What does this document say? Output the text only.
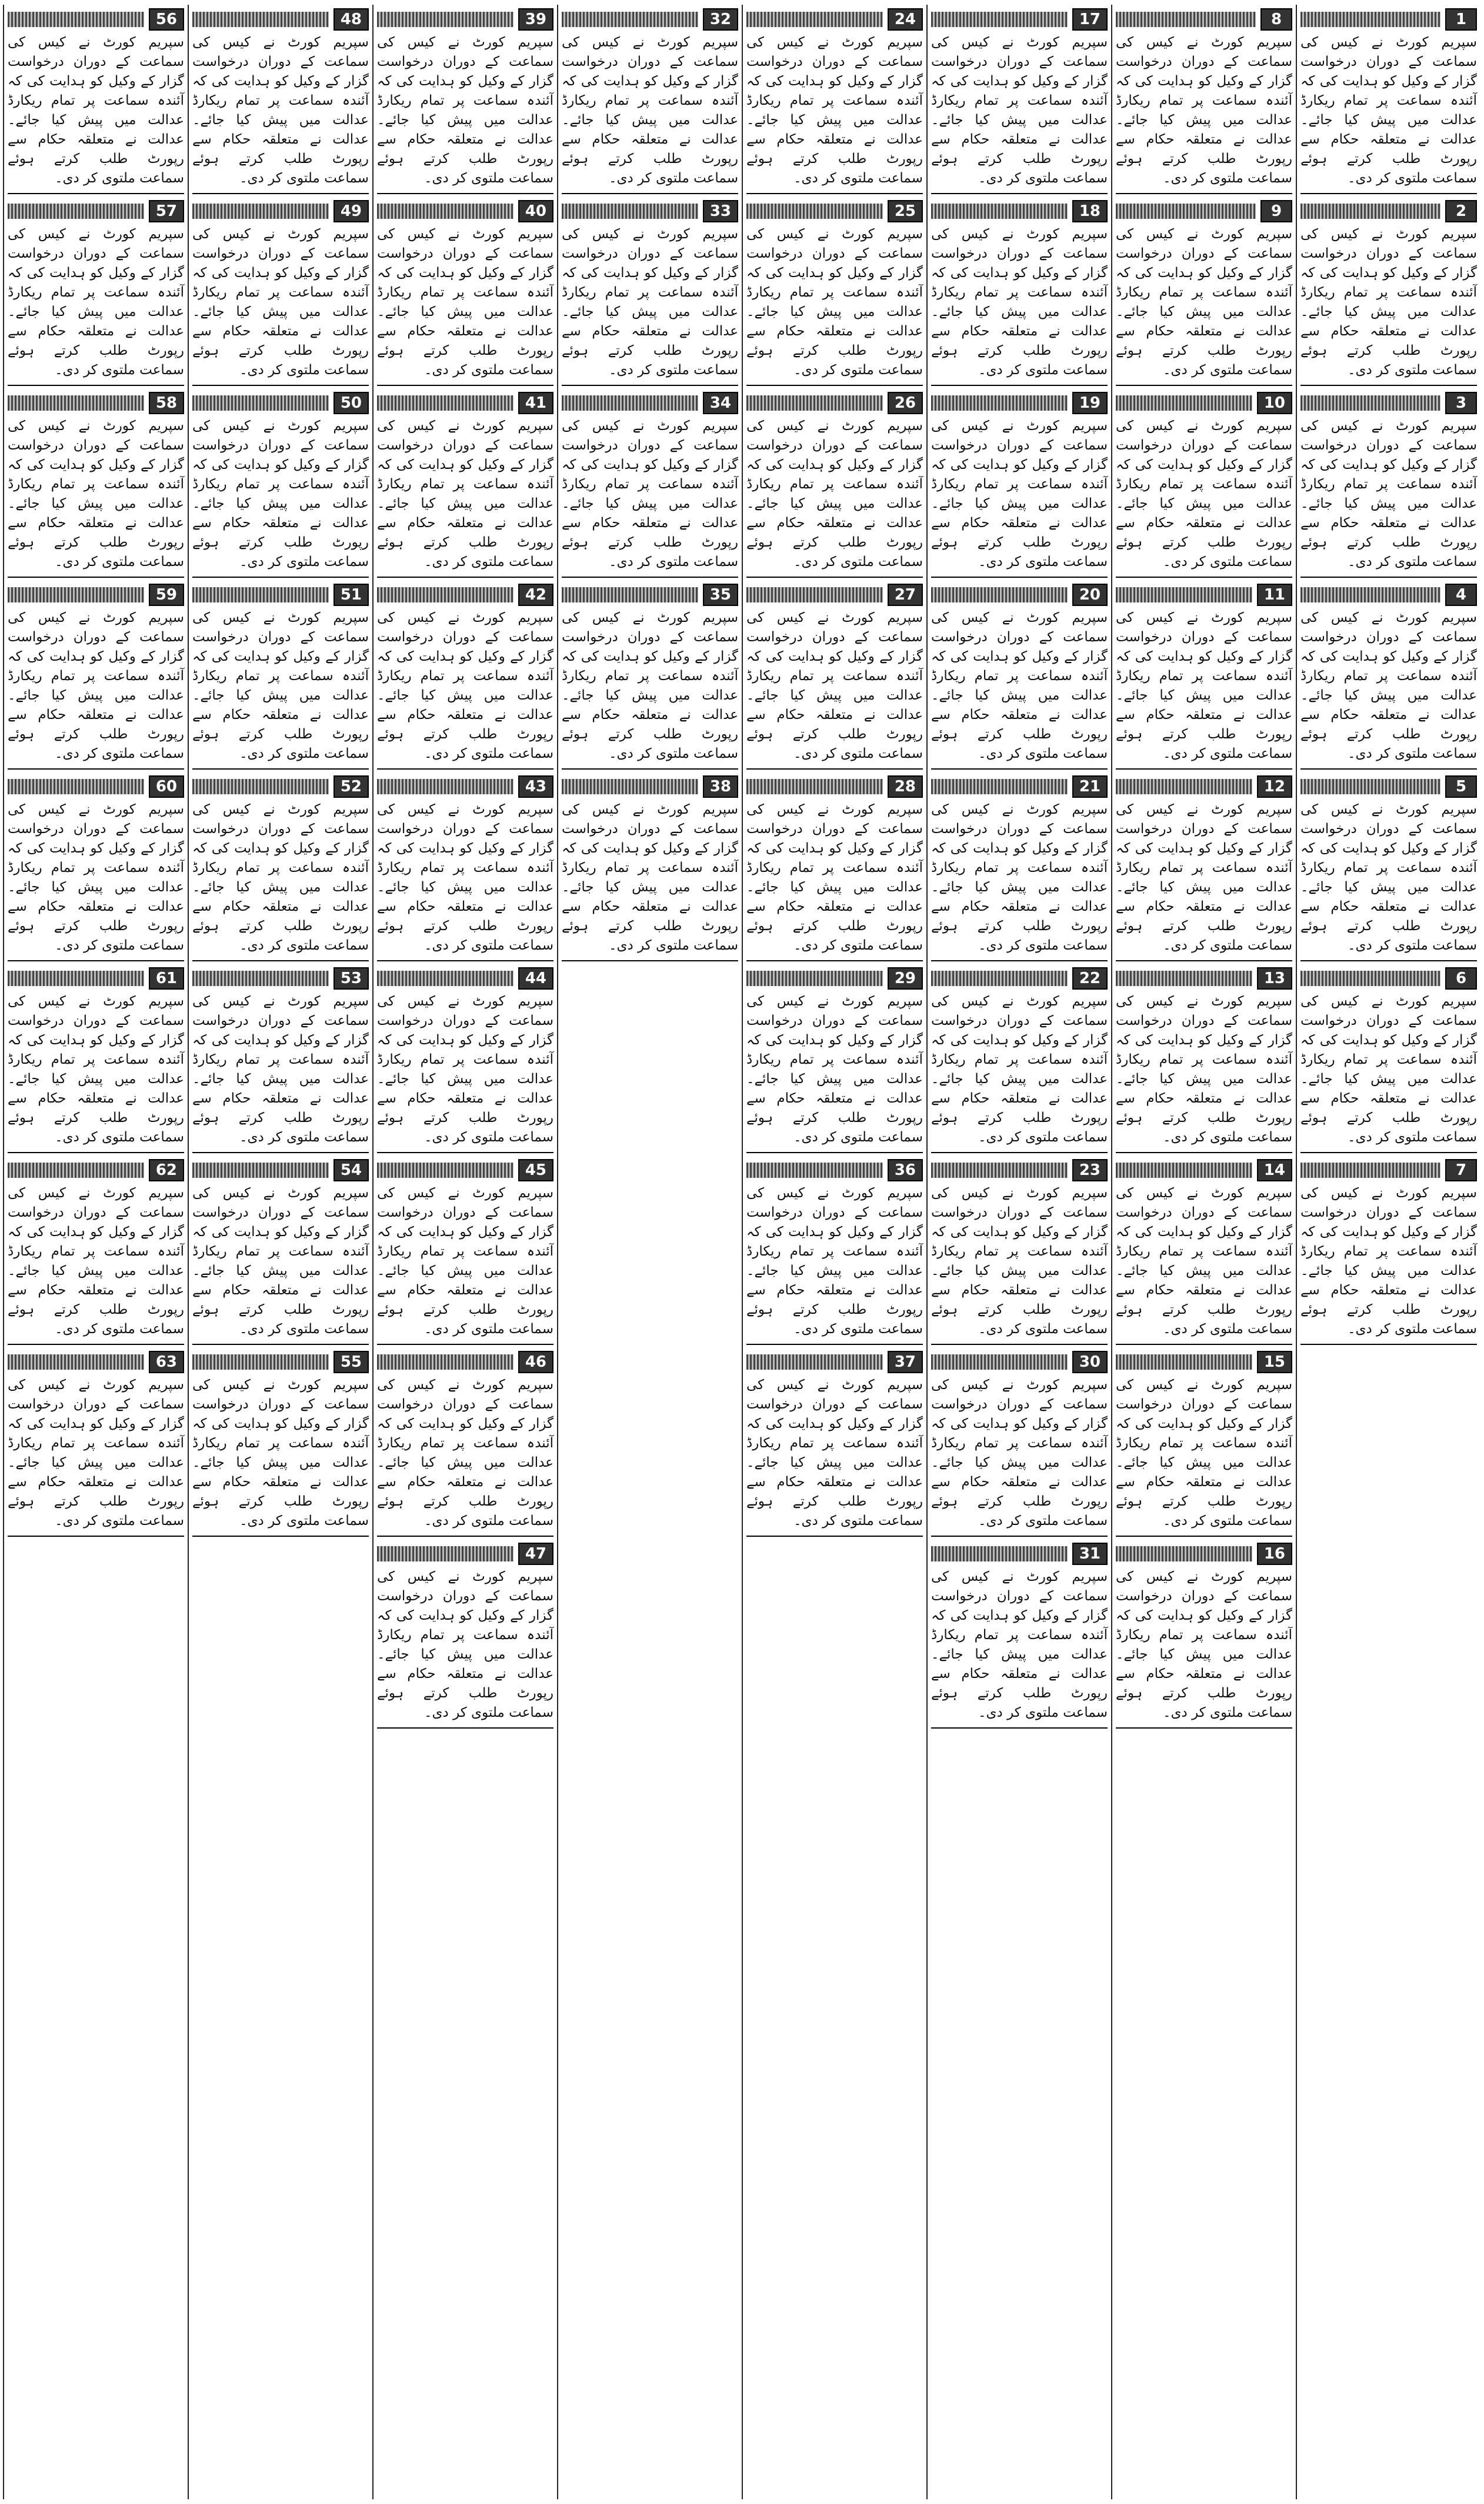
1

سپریم کورٹ نے کیس کی سماعت کے دوران درخواست گزار کے وکیل کو ہدایت کی کہ آئندہ سماعت پر تمام ریکارڈ عدالت میں پیش کیا جائے۔ عدالت نے متعلقہ حکام سے رپورٹ طلب کرتے ہوئے سماعت ملتوی کر دی۔

2

سپریم کورٹ نے کیس کی سماعت کے دوران درخواست گزار کے وکیل کو ہدایت کی کہ آئندہ سماعت پر تمام ریکارڈ عدالت میں پیش کیا جائے۔ عدالت نے متعلقہ حکام سے رپورٹ طلب کرتے ہوئے سماعت ملتوی کر دی۔

3

سپریم کورٹ نے کیس کی سماعت کے دوران درخواست گزار کے وکیل کو ہدایت کی کہ آئندہ سماعت پر تمام ریکارڈ عدالت میں پیش کیا جائے۔ عدالت نے متعلقہ حکام سے رپورٹ طلب کرتے ہوئے سماعت ملتوی کر دی۔

4

سپریم کورٹ نے کیس کی سماعت کے دوران درخواست گزار کے وکیل کو ہدایت کی کہ آئندہ سماعت پر تمام ریکارڈ عدالت میں پیش کیا جائے۔ عدالت نے متعلقہ حکام سے رپورٹ طلب کرتے ہوئے سماعت ملتوی کر دی۔

5

سپریم کورٹ نے کیس کی سماعت کے دوران درخواست گزار کے وکیل کو ہدایت کی کہ آئندہ سماعت پر تمام ریکارڈ عدالت میں پیش کیا جائے۔ عدالت نے متعلقہ حکام سے رپورٹ طلب کرتے ہوئے سماعت ملتوی کر دی۔

6

سپریم کورٹ نے کیس کی سماعت کے دوران درخواست گزار کے وکیل کو ہدایت کی کہ آئندہ سماعت پر تمام ریکارڈ عدالت میں پیش کیا جائے۔ عدالت نے متعلقہ حکام سے رپورٹ طلب کرتے ہوئے سماعت ملتوی کر دی۔

7

سپریم کورٹ نے کیس کی سماعت کے دوران درخواست گزار کے وکیل کو ہدایت کی کہ آئندہ سماعت پر تمام ریکارڈ عدالت میں پیش کیا جائے۔ عدالت نے متعلقہ حکام سے رپورٹ طلب کرتے ہوئے سماعت ملتوی کر دی۔

8

سپریم کورٹ نے کیس کی سماعت کے دوران درخواست گزار کے وکیل کو ہدایت کی کہ آئندہ سماعت پر تمام ریکارڈ عدالت میں پیش کیا جائے۔ عدالت نے متعلقہ حکام سے رپورٹ طلب کرتے ہوئے سماعت ملتوی کر دی۔

9

سپریم کورٹ نے کیس کی سماعت کے دوران درخواست گزار کے وکیل کو ہدایت کی کہ آئندہ سماعت پر تمام ریکارڈ عدالت میں پیش کیا جائے۔ عدالت نے متعلقہ حکام سے رپورٹ طلب کرتے ہوئے سماعت ملتوی کر دی۔

10

سپریم کورٹ نے کیس کی سماعت کے دوران درخواست گزار کے وکیل کو ہدایت کی کہ آئندہ سماعت پر تمام ریکارڈ عدالت میں پیش کیا جائے۔ عدالت نے متعلقہ حکام سے رپورٹ طلب کرتے ہوئے سماعت ملتوی کر دی۔

11

سپریم کورٹ نے کیس کی سماعت کے دوران درخواست گزار کے وکیل کو ہدایت کی کہ آئندہ سماعت پر تمام ریکارڈ عدالت میں پیش کیا جائے۔ عدالت نے متعلقہ حکام سے رپورٹ طلب کرتے ہوئے سماعت ملتوی کر دی۔

12

سپریم کورٹ نے کیس کی سماعت کے دوران درخواست گزار کے وکیل کو ہدایت کی کہ آئندہ سماعت پر تمام ریکارڈ عدالت میں پیش کیا جائے۔ عدالت نے متعلقہ حکام سے رپورٹ طلب کرتے ہوئے سماعت ملتوی کر دی۔

13

سپریم کورٹ نے کیس کی سماعت کے دوران درخواست گزار کے وکیل کو ہدایت کی کہ آئندہ سماعت پر تمام ریکارڈ عدالت میں پیش کیا جائے۔ عدالت نے متعلقہ حکام سے رپورٹ طلب کرتے ہوئے سماعت ملتوی کر دی۔

14

سپریم کورٹ نے کیس کی سماعت کے دوران درخواست گزار کے وکیل کو ہدایت کی کہ آئندہ سماعت پر تمام ریکارڈ عدالت میں پیش کیا جائے۔ عدالت نے متعلقہ حکام سے رپورٹ طلب کرتے ہوئے سماعت ملتوی کر دی۔

15

سپریم کورٹ نے کیس کی سماعت کے دوران درخواست گزار کے وکیل کو ہدایت کی کہ آئندہ سماعت پر تمام ریکارڈ عدالت میں پیش کیا جائے۔ عدالت نے متعلقہ حکام سے رپورٹ طلب کرتے ہوئے سماعت ملتوی کر دی۔

16

سپریم کورٹ نے کیس کی سماعت کے دوران درخواست گزار کے وکیل کو ہدایت کی کہ آئندہ سماعت پر تمام ریکارڈ عدالت میں پیش کیا جائے۔ عدالت نے متعلقہ حکام سے رپورٹ طلب کرتے ہوئے سماعت ملتوی کر دی۔

17

سپریم کورٹ نے کیس کی سماعت کے دوران درخواست گزار کے وکیل کو ہدایت کی کہ آئندہ سماعت پر تمام ریکارڈ عدالت میں پیش کیا جائے۔ عدالت نے متعلقہ حکام سے رپورٹ طلب کرتے ہوئے سماعت ملتوی کر دی۔

18

سپریم کورٹ نے کیس کی سماعت کے دوران درخواست گزار کے وکیل کو ہدایت کی کہ آئندہ سماعت پر تمام ریکارڈ عدالت میں پیش کیا جائے۔ عدالت نے متعلقہ حکام سے رپورٹ طلب کرتے ہوئے سماعت ملتوی کر دی۔

19

سپریم کورٹ نے کیس کی سماعت کے دوران درخواست گزار کے وکیل کو ہدایت کی کہ آئندہ سماعت پر تمام ریکارڈ عدالت میں پیش کیا جائے۔ عدالت نے متعلقہ حکام سے رپورٹ طلب کرتے ہوئے سماعت ملتوی کر دی۔

20

سپریم کورٹ نے کیس کی سماعت کے دوران درخواست گزار کے وکیل کو ہدایت کی کہ آئندہ سماعت پر تمام ریکارڈ عدالت میں پیش کیا جائے۔ عدالت نے متعلقہ حکام سے رپورٹ طلب کرتے ہوئے سماعت ملتوی کر دی۔

21

سپریم کورٹ نے کیس کی سماعت کے دوران درخواست گزار کے وکیل کو ہدایت کی کہ آئندہ سماعت پر تمام ریکارڈ عدالت میں پیش کیا جائے۔ عدالت نے متعلقہ حکام سے رپورٹ طلب کرتے ہوئے سماعت ملتوی کر دی۔

22

سپریم کورٹ نے کیس کی سماعت کے دوران درخواست گزار کے وکیل کو ہدایت کی کہ آئندہ سماعت پر تمام ریکارڈ عدالت میں پیش کیا جائے۔ عدالت نے متعلقہ حکام سے رپورٹ طلب کرتے ہوئے سماعت ملتوی کر دی۔

23

سپریم کورٹ نے کیس کی سماعت کے دوران درخواست گزار کے وکیل کو ہدایت کی کہ آئندہ سماعت پر تمام ریکارڈ عدالت میں پیش کیا جائے۔ عدالت نے متعلقہ حکام سے رپورٹ طلب کرتے ہوئے سماعت ملتوی کر دی۔

30

سپریم کورٹ نے کیس کی سماعت کے دوران درخواست گزار کے وکیل کو ہدایت کی کہ آئندہ سماعت پر تمام ریکارڈ عدالت میں پیش کیا جائے۔ عدالت نے متعلقہ حکام سے رپورٹ طلب کرتے ہوئے سماعت ملتوی کر دی۔

31

سپریم کورٹ نے کیس کی سماعت کے دوران درخواست گزار کے وکیل کو ہدایت کی کہ آئندہ سماعت پر تمام ریکارڈ عدالت میں پیش کیا جائے۔ عدالت نے متعلقہ حکام سے رپورٹ طلب کرتے ہوئے سماعت ملتوی کر دی۔

24

سپریم کورٹ نے کیس کی سماعت کے دوران درخواست گزار کے وکیل کو ہدایت کی کہ آئندہ سماعت پر تمام ریکارڈ عدالت میں پیش کیا جائے۔ عدالت نے متعلقہ حکام سے رپورٹ طلب کرتے ہوئے سماعت ملتوی کر دی۔

25

سپریم کورٹ نے کیس کی سماعت کے دوران درخواست گزار کے وکیل کو ہدایت کی کہ آئندہ سماعت پر تمام ریکارڈ عدالت میں پیش کیا جائے۔ عدالت نے متعلقہ حکام سے رپورٹ طلب کرتے ہوئے سماعت ملتوی کر دی۔

26

سپریم کورٹ نے کیس کی سماعت کے دوران درخواست گزار کے وکیل کو ہدایت کی کہ آئندہ سماعت پر تمام ریکارڈ عدالت میں پیش کیا جائے۔ عدالت نے متعلقہ حکام سے رپورٹ طلب کرتے ہوئے سماعت ملتوی کر دی۔

27

سپریم کورٹ نے کیس کی سماعت کے دوران درخواست گزار کے وکیل کو ہدایت کی کہ آئندہ سماعت پر تمام ریکارڈ عدالت میں پیش کیا جائے۔ عدالت نے متعلقہ حکام سے رپورٹ طلب کرتے ہوئے سماعت ملتوی کر دی۔

28

سپریم کورٹ نے کیس کی سماعت کے دوران درخواست گزار کے وکیل کو ہدایت کی کہ آئندہ سماعت پر تمام ریکارڈ عدالت میں پیش کیا جائے۔ عدالت نے متعلقہ حکام سے رپورٹ طلب کرتے ہوئے سماعت ملتوی کر دی۔

29

سپریم کورٹ نے کیس کی سماعت کے دوران درخواست گزار کے وکیل کو ہدایت کی کہ آئندہ سماعت پر تمام ریکارڈ عدالت میں پیش کیا جائے۔ عدالت نے متعلقہ حکام سے رپورٹ طلب کرتے ہوئے سماعت ملتوی کر دی۔

36

سپریم کورٹ نے کیس کی سماعت کے دوران درخواست گزار کے وکیل کو ہدایت کی کہ آئندہ سماعت پر تمام ریکارڈ عدالت میں پیش کیا جائے۔ عدالت نے متعلقہ حکام سے رپورٹ طلب کرتے ہوئے سماعت ملتوی کر دی۔

37

سپریم کورٹ نے کیس کی سماعت کے دوران درخواست گزار کے وکیل کو ہدایت کی کہ آئندہ سماعت پر تمام ریکارڈ عدالت میں پیش کیا جائے۔ عدالت نے متعلقہ حکام سے رپورٹ طلب کرتے ہوئے سماعت ملتوی کر دی۔

32

سپریم کورٹ نے کیس کی سماعت کے دوران درخواست گزار کے وکیل کو ہدایت کی کہ آئندہ سماعت پر تمام ریکارڈ عدالت میں پیش کیا جائے۔ عدالت نے متعلقہ حکام سے رپورٹ طلب کرتے ہوئے سماعت ملتوی کر دی۔

33

سپریم کورٹ نے کیس کی سماعت کے دوران درخواست گزار کے وکیل کو ہدایت کی کہ آئندہ سماعت پر تمام ریکارڈ عدالت میں پیش کیا جائے۔ عدالت نے متعلقہ حکام سے رپورٹ طلب کرتے ہوئے سماعت ملتوی کر دی۔

34

سپریم کورٹ نے کیس کی سماعت کے دوران درخواست گزار کے وکیل کو ہدایت کی کہ آئندہ سماعت پر تمام ریکارڈ عدالت میں پیش کیا جائے۔ عدالت نے متعلقہ حکام سے رپورٹ طلب کرتے ہوئے سماعت ملتوی کر دی۔

35

سپریم کورٹ نے کیس کی سماعت کے دوران درخواست گزار کے وکیل کو ہدایت کی کہ آئندہ سماعت پر تمام ریکارڈ عدالت میں پیش کیا جائے۔ عدالت نے متعلقہ حکام سے رپورٹ طلب کرتے ہوئے سماعت ملتوی کر دی۔

38

سپریم کورٹ نے کیس کی سماعت کے دوران درخواست گزار کے وکیل کو ہدایت کی کہ آئندہ سماعت پر تمام ریکارڈ عدالت میں پیش کیا جائے۔ عدالت نے متعلقہ حکام سے رپورٹ طلب کرتے ہوئے سماعت ملتوی کر دی۔

39

سپریم کورٹ نے کیس کی سماعت کے دوران درخواست گزار کے وکیل کو ہدایت کی کہ آئندہ سماعت پر تمام ریکارڈ عدالت میں پیش کیا جائے۔ عدالت نے متعلقہ حکام سے رپورٹ طلب کرتے ہوئے سماعت ملتوی کر دی۔

40

سپریم کورٹ نے کیس کی سماعت کے دوران درخواست گزار کے وکیل کو ہدایت کی کہ آئندہ سماعت پر تمام ریکارڈ عدالت میں پیش کیا جائے۔ عدالت نے متعلقہ حکام سے رپورٹ طلب کرتے ہوئے سماعت ملتوی کر دی۔

41

سپریم کورٹ نے کیس کی سماعت کے دوران درخواست گزار کے وکیل کو ہدایت کی کہ آئندہ سماعت پر تمام ریکارڈ عدالت میں پیش کیا جائے۔ عدالت نے متعلقہ حکام سے رپورٹ طلب کرتے ہوئے سماعت ملتوی کر دی۔

42

سپریم کورٹ نے کیس کی سماعت کے دوران درخواست گزار کے وکیل کو ہدایت کی کہ آئندہ سماعت پر تمام ریکارڈ عدالت میں پیش کیا جائے۔ عدالت نے متعلقہ حکام سے رپورٹ طلب کرتے ہوئے سماعت ملتوی کر دی۔

43

سپریم کورٹ نے کیس کی سماعت کے دوران درخواست گزار کے وکیل کو ہدایت کی کہ آئندہ سماعت پر تمام ریکارڈ عدالت میں پیش کیا جائے۔ عدالت نے متعلقہ حکام سے رپورٹ طلب کرتے ہوئے سماعت ملتوی کر دی۔

44

سپریم کورٹ نے کیس کی سماعت کے دوران درخواست گزار کے وکیل کو ہدایت کی کہ آئندہ سماعت پر تمام ریکارڈ عدالت میں پیش کیا جائے۔ عدالت نے متعلقہ حکام سے رپورٹ طلب کرتے ہوئے سماعت ملتوی کر دی۔

45

سپریم کورٹ نے کیس کی سماعت کے دوران درخواست گزار کے وکیل کو ہدایت کی کہ آئندہ سماعت پر تمام ریکارڈ عدالت میں پیش کیا جائے۔ عدالت نے متعلقہ حکام سے رپورٹ طلب کرتے ہوئے سماعت ملتوی کر دی۔

46

سپریم کورٹ نے کیس کی سماعت کے دوران درخواست گزار کے وکیل کو ہدایت کی کہ آئندہ سماعت پر تمام ریکارڈ عدالت میں پیش کیا جائے۔ عدالت نے متعلقہ حکام سے رپورٹ طلب کرتے ہوئے سماعت ملتوی کر دی۔

47

سپریم کورٹ نے کیس کی سماعت کے دوران درخواست گزار کے وکیل کو ہدایت کی کہ آئندہ سماعت پر تمام ریکارڈ عدالت میں پیش کیا جائے۔ عدالت نے متعلقہ حکام سے رپورٹ طلب کرتے ہوئے سماعت ملتوی کر دی۔

48

سپریم کورٹ نے کیس کی سماعت کے دوران درخواست گزار کے وکیل کو ہدایت کی کہ آئندہ سماعت پر تمام ریکارڈ عدالت میں پیش کیا جائے۔ عدالت نے متعلقہ حکام سے رپورٹ طلب کرتے ہوئے سماعت ملتوی کر دی۔

49

سپریم کورٹ نے کیس کی سماعت کے دوران درخواست گزار کے وکیل کو ہدایت کی کہ آئندہ سماعت پر تمام ریکارڈ عدالت میں پیش کیا جائے۔ عدالت نے متعلقہ حکام سے رپورٹ طلب کرتے ہوئے سماعت ملتوی کر دی۔

50

سپریم کورٹ نے کیس کی سماعت کے دوران درخواست گزار کے وکیل کو ہدایت کی کہ آئندہ سماعت پر تمام ریکارڈ عدالت میں پیش کیا جائے۔ عدالت نے متعلقہ حکام سے رپورٹ طلب کرتے ہوئے سماعت ملتوی کر دی۔

51

سپریم کورٹ نے کیس کی سماعت کے دوران درخواست گزار کے وکیل کو ہدایت کی کہ آئندہ سماعت پر تمام ریکارڈ عدالت میں پیش کیا جائے۔ عدالت نے متعلقہ حکام سے رپورٹ طلب کرتے ہوئے سماعت ملتوی کر دی۔

52

سپریم کورٹ نے کیس کی سماعت کے دوران درخواست گزار کے وکیل کو ہدایت کی کہ آئندہ سماعت پر تمام ریکارڈ عدالت میں پیش کیا جائے۔ عدالت نے متعلقہ حکام سے رپورٹ طلب کرتے ہوئے سماعت ملتوی کر دی۔

53

سپریم کورٹ نے کیس کی سماعت کے دوران درخواست گزار کے وکیل کو ہدایت کی کہ آئندہ سماعت پر تمام ریکارڈ عدالت میں پیش کیا جائے۔ عدالت نے متعلقہ حکام سے رپورٹ طلب کرتے ہوئے سماعت ملتوی کر دی۔

54

سپریم کورٹ نے کیس کی سماعت کے دوران درخواست گزار کے وکیل کو ہدایت کی کہ آئندہ سماعت پر تمام ریکارڈ عدالت میں پیش کیا جائے۔ عدالت نے متعلقہ حکام سے رپورٹ طلب کرتے ہوئے سماعت ملتوی کر دی۔

55

سپریم کورٹ نے کیس کی سماعت کے دوران درخواست گزار کے وکیل کو ہدایت کی کہ آئندہ سماعت پر تمام ریکارڈ عدالت میں پیش کیا جائے۔ عدالت نے متعلقہ حکام سے رپورٹ طلب کرتے ہوئے سماعت ملتوی کر دی۔

56

سپریم کورٹ نے کیس کی سماعت کے دوران درخواست گزار کے وکیل کو ہدایت کی کہ آئندہ سماعت پر تمام ریکارڈ عدالت میں پیش کیا جائے۔ عدالت نے متعلقہ حکام سے رپورٹ طلب کرتے ہوئے سماعت ملتوی کر دی۔

57

سپریم کورٹ نے کیس کی سماعت کے دوران درخواست گزار کے وکیل کو ہدایت کی کہ آئندہ سماعت پر تمام ریکارڈ عدالت میں پیش کیا جائے۔ عدالت نے متعلقہ حکام سے رپورٹ طلب کرتے ہوئے سماعت ملتوی کر دی۔

58

سپریم کورٹ نے کیس کی سماعت کے دوران درخواست گزار کے وکیل کو ہدایت کی کہ آئندہ سماعت پر تمام ریکارڈ عدالت میں پیش کیا جائے۔ عدالت نے متعلقہ حکام سے رپورٹ طلب کرتے ہوئے سماعت ملتوی کر دی۔

59

سپریم کورٹ نے کیس کی سماعت کے دوران درخواست گزار کے وکیل کو ہدایت کی کہ آئندہ سماعت پر تمام ریکارڈ عدالت میں پیش کیا جائے۔ عدالت نے متعلقہ حکام سے رپورٹ طلب کرتے ہوئے سماعت ملتوی کر دی۔

60

سپریم کورٹ نے کیس کی سماعت کے دوران درخواست گزار کے وکیل کو ہدایت کی کہ آئندہ سماعت پر تمام ریکارڈ عدالت میں پیش کیا جائے۔ عدالت نے متعلقہ حکام سے رپورٹ طلب کرتے ہوئے سماعت ملتوی کر دی۔

61

سپریم کورٹ نے کیس کی سماعت کے دوران درخواست گزار کے وکیل کو ہدایت کی کہ آئندہ سماعت پر تمام ریکارڈ عدالت میں پیش کیا جائے۔ عدالت نے متعلقہ حکام سے رپورٹ طلب کرتے ہوئے سماعت ملتوی کر دی۔

62

سپریم کورٹ نے کیس کی سماعت کے دوران درخواست گزار کے وکیل کو ہدایت کی کہ آئندہ سماعت پر تمام ریکارڈ عدالت میں پیش کیا جائے۔ عدالت نے متعلقہ حکام سے رپورٹ طلب کرتے ہوئے سماعت ملتوی کر دی۔

63

سپریم کورٹ نے کیس کی سماعت کے دوران درخواست گزار کے وکیل کو ہدایت کی کہ آئندہ سماعت پر تمام ریکارڈ عدالت میں پیش کیا جائے۔ عدالت نے متعلقہ حکام سے رپورٹ طلب کرتے ہوئے سماعت ملتوی کر دی۔
